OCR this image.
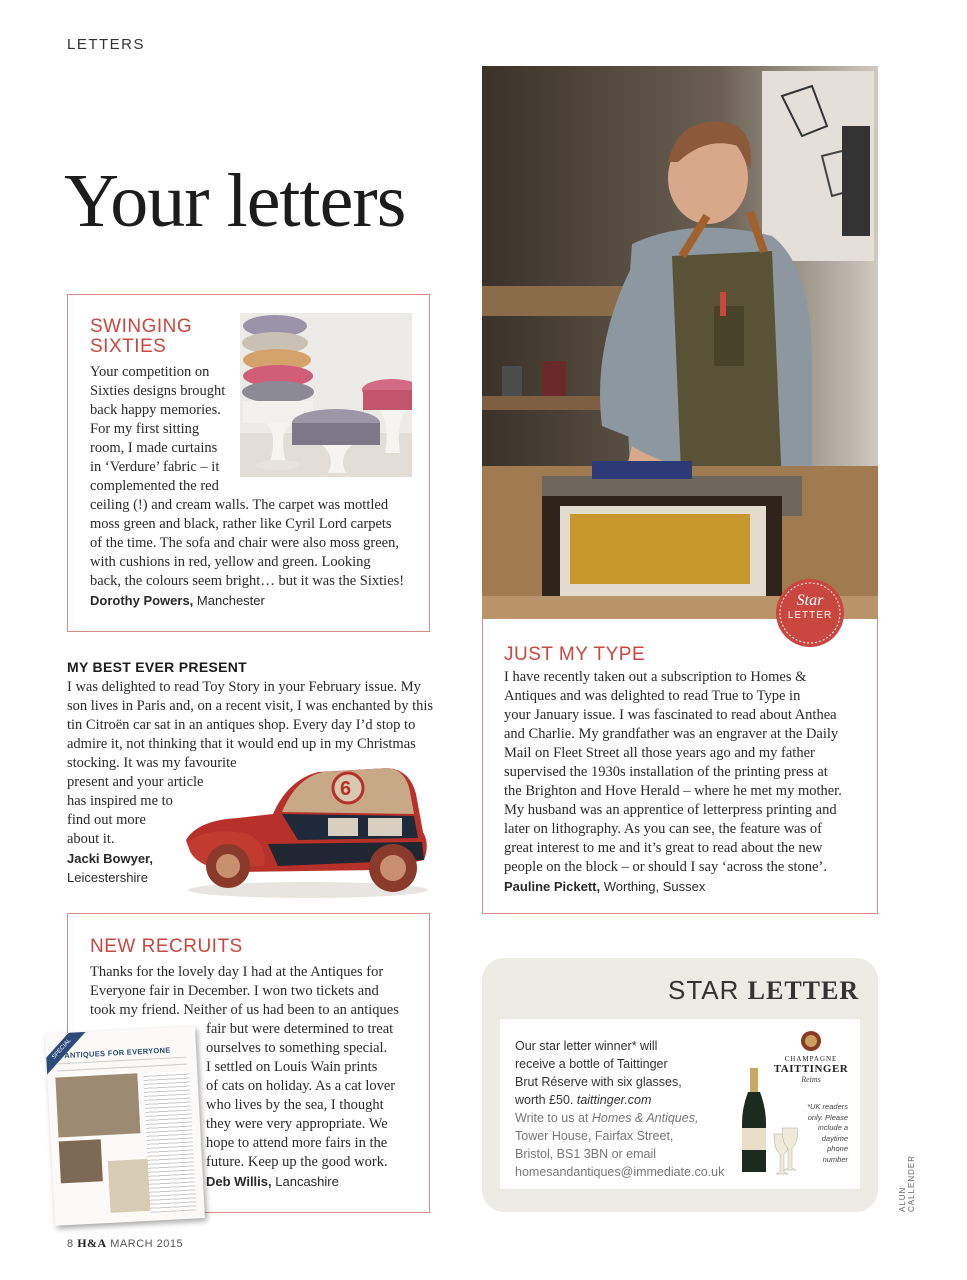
LETTERS
Your letters
SWINGING
SIXTIES
Your competition on
Sixties designs brought
back happy memories.
For my first sitting
room, I made curtains
in ‘Verdure’ fabric – it
complemented the red
ceiling (!) and cream walls. The carpet was mottled
moss green and black, rather like Cyril Lord carpets
of the time. The sofa and chair were also moss green,
with cushions in red, yellow and green. Looking
back, the colours seem bright… but it was the Sixties!
Dorothy Powers, Manchester
MY BEST EVER PRESENT
I was delighted to read Toy Story in your February issue. My
son lives in Paris and, on a recent visit, I was enchanted by this
tin Citroën car sat in an antiques shop. Every day I’d stop to
admire it, not thinking that it would end up in my Christmas
stocking. It was my favourite
present and your article
has inspired me to
find out more
about it.
Jacki Bowyer,
Leicestershire
6
Star
LETTER
JUST MY TYPE
I have recently taken out a subscription to Homes &
Antiques and was delighted to read True to Type in
your January issue. I was fascinated to read about Anthea
and Charlie. My grandfather was an engraver at the Daily
Mail on Fleet Street all those years ago and my father
supervised the 1930s installation of the printing press at
the Brighton and Hove Herald – where he met my mother.
My husband was an apprentice of letterpress printing and
later on lithography. As you can see, the feature was of
great interest to me and it’s great to read about the new
people on the block – or should I say ‘across the stone’.
Pauline Pickett, Worthing, Sussex
NEW RECRUITS
Thanks for the lovely day I had at the Antiques for
Everyone fair in December. I won two tickets and
took my friend. Neither of us had been to an antiques
fair but were determined to treat
ourselves to something special.
I settled on Louis Wain prints
of cats on holiday. As a cat lover
who lives by the sea, I thought
they were very appropriate. We
hope to attend more fairs in the
future. Keep up the good work.
Deb Willis, Lancashire
SPECIAL
ANTIQUES FOR EVERYONE
STAR LETTER
Our star letter winner* will
receive a bottle of Taittinger
Brut Réserve with six glasses,
worth £50. taittinger.com
Write to us at Homes & Antiques,
Tower House, Fairfax Street,
Bristol, BS1 3BN or email
homesandantiques@immediate.co.uk
CHAMPAGNE
TAITTINGER
Reims
*UK readers
only. Please
include a
daytime
phone
number
ALUN CALLENDER
8 H&A MARCH 2015
